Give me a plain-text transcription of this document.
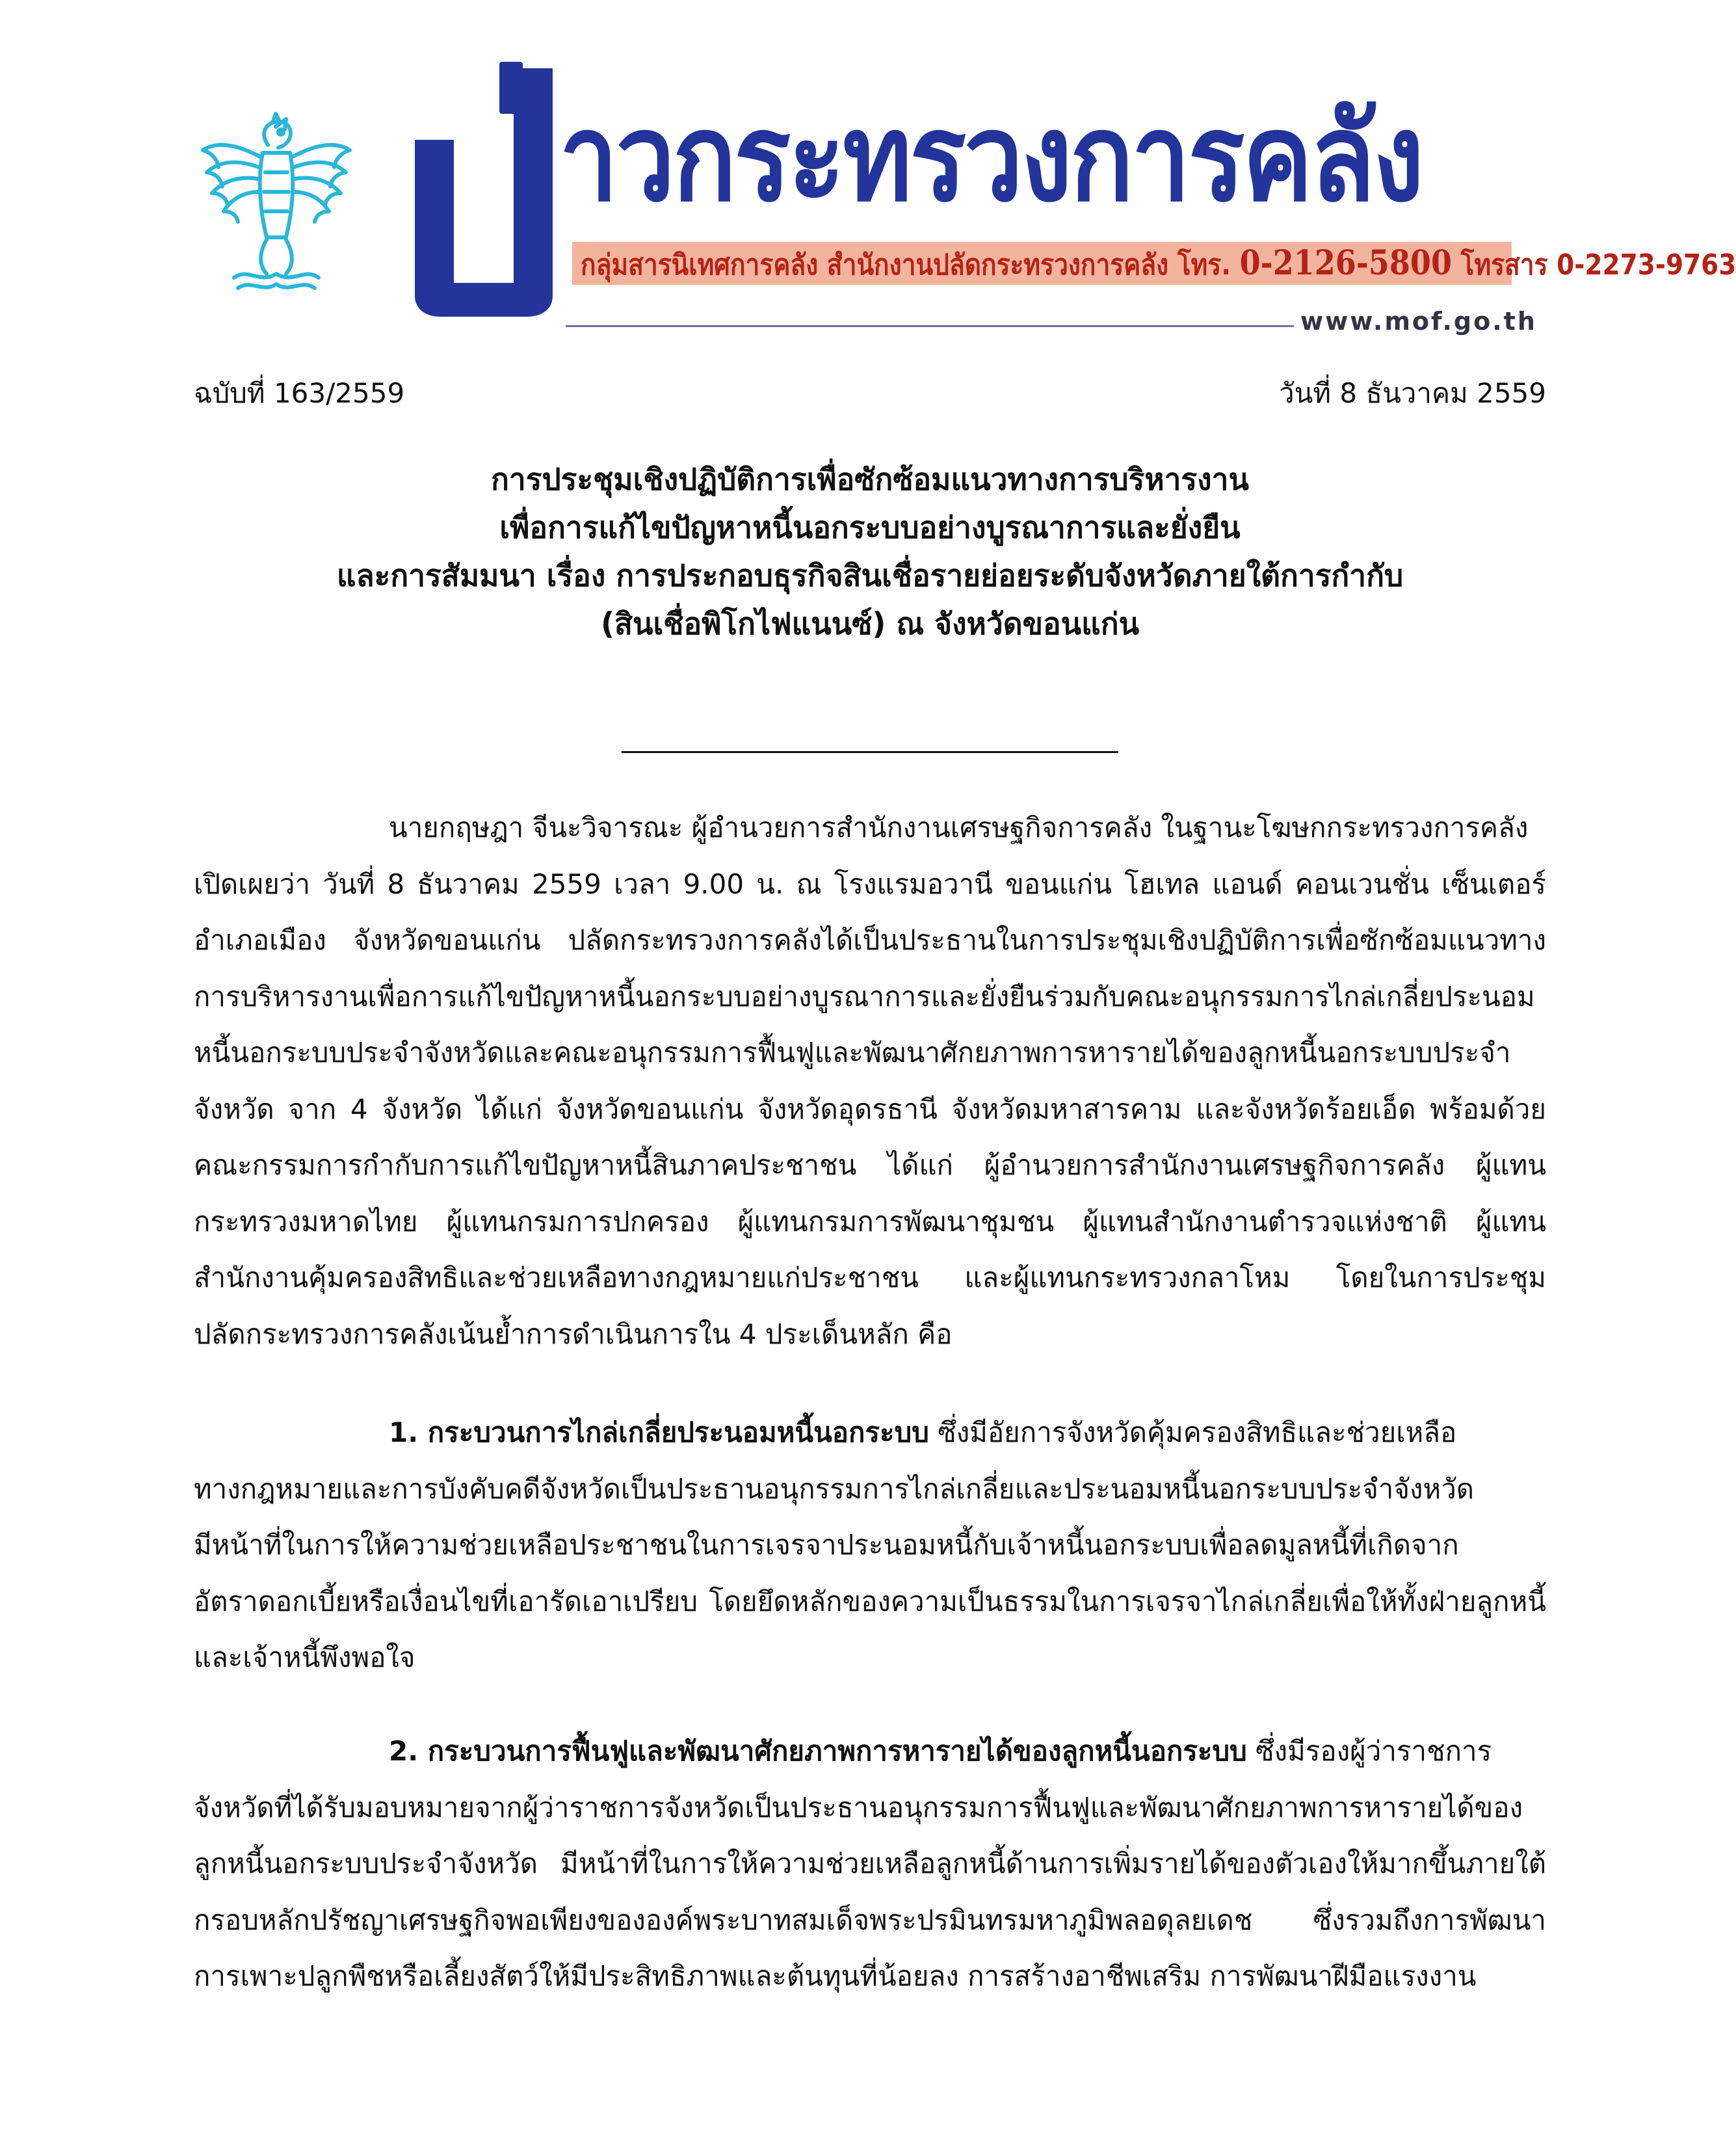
ข่
าวกระทรวงการคลัง
กลุ่มสารนิเทศการคลัง สำนักงานปลัดกระทรวงการคลัง โทร. 0-2126-5800 โทรสาร 0-2273-9763
www.mof.go.th
ฉบับที่ 163/2559	วันที่ 8 ธันวาคม 2559
การประชุมเชิงปฏิบัติการเพื่อซักซ้อมแนวทางการบริหารงาน
เพื่อการแก้ไขปัญหาหนี้นอกระบบอย่างบูรณาการและยั่งยืน
และการสัมมนา เรื่อง การประกอบธุรกิจสินเชื่อรายย่อยระดับจังหวัดภายใต้การกำกับ
(สินเชื่อพิโกไฟแนนซ์) ณ จังหวัดขอนแก่น
นายกฤษฎา จีนะวิจารณะ ผู้อำนวยการสำนักงานเศรษฐกิจการคลัง ในฐานะโฆษกกระทรวงการคลัง
เปิดเผยว่า วันที่ 8 ธันวาคม 2559 เวลา 9.00 น. ณ โรงแรมอวานี ขอนแก่น โฮเทล แอนด์ คอนเวนชั่น เซ็นเตอร์
อำเภอเมือง จังหวัดขอนแก่น ปลัดกระทรวงการคลังได้เป็นประธานในการประชุมเชิงปฏิบัติการเพื่อซักซ้อมแนวทาง
การบริหารงานเพื่อการแก้ไขปัญหาหนี้นอกระบบอย่างบูรณาการและยั่งยืนร่วมกับคณะอนุกรรมการไกล่เกลี่ยประนอม
หนี้นอกระบบประจำจังหวัดและคณะอนุกรรมการฟื้นฟูและพัฒนาศักยภาพการหารายได้ของลูกหนี้นอกระบบประจำ
จังหวัด จาก 4 จังหวัด ได้แก่ จังหวัดขอนแก่น จังหวัดอุดรธานี จังหวัดมหาสารคาม และจังหวัดร้อยเอ็ด พร้อมด้วย
คณะกรรมการกำกับการแก้ไขปัญหาหนี้สินภาคประชาชน ได้แก่ ผู้อำนวยการสำนักงานเศรษฐกิจการคลัง ผู้แทน
กระทรวงมหาดไทย ผู้แทนกรมการปกครอง ผู้แทนกรมการพัฒนาชุมชน ผู้แทนสำนักงานตำรวจแห่งชาติ ผู้แทน
สำนักงานคุ้มครองสิทธิและช่วยเหลือทางกฎหมายแก่ประชาชน และผู้แทนกระทรวงกลาโหม โดยในการประชุม
ปลัดกระทรวงการคลังเน้นย้ำการดำเนินการใน 4 ประเด็นหลัก คือ
1. กระบวนการไกล่เกลี่ยประนอมหนี้นอกระบบ ซึ่งมีอัยการจังหวัดคุ้มครองสิทธิและช่วยเหลือ
ทางกฎหมายและการบังคับคดีจังหวัดเป็นประธานอนุกรรมการไกล่เกลี่ยและประนอมหนี้นอกระบบประจำจังหวัด
มีหน้าที่ในการให้ความช่วยเหลือประชาชนในการเจรจาประนอมหนี้กับเจ้าหนี้นอกระบบเพื่อลดมูลหนี้ที่เกิดจาก
อัตราดอกเบี้ยหรือเงื่อนไขที่เอารัดเอาเปรียบ โดยยึดหลักของความเป็นธรรมในการเจรจาไกล่เกลี่ยเพื่อให้ทั้งฝ่ายลูกหนี้
และเจ้าหนี้พึงพอใจ
2. กระบวนการฟื้นฟูและพัฒนาศักยภาพการหารายได้ของลูกหนี้นอกระบบ ซึ่งมีรองผู้ว่าราชการ
จังหวัดที่ได้รับมอบหมายจากผู้ว่าราชการจังหวัดเป็นประธานอนุกรรมการฟื้นฟูและพัฒนาศักยภาพการหารายได้ของ
ลูกหนี้นอกระบบประจำจังหวัด มีหน้าที่ในการให้ความช่วยเหลือลูกหนี้ด้านการเพิ่มรายได้ของตัวเองให้มากขึ้นภายใต้
กรอบหลักปรัชญาเศรษฐกิจพอเพียงขององค์พระบาทสมเด็จพระปรมินทรมหาภูมิพลอดุลยเดช ซึ่งรวมถึงการพัฒนา
การเพาะปลูกพืชหรือเลี้ยงสัตว์ให้มีประสิทธิภาพและต้นทุนที่น้อยลง การสร้างอาชีพเสริม การพัฒนาฝีมือแรงงาน
